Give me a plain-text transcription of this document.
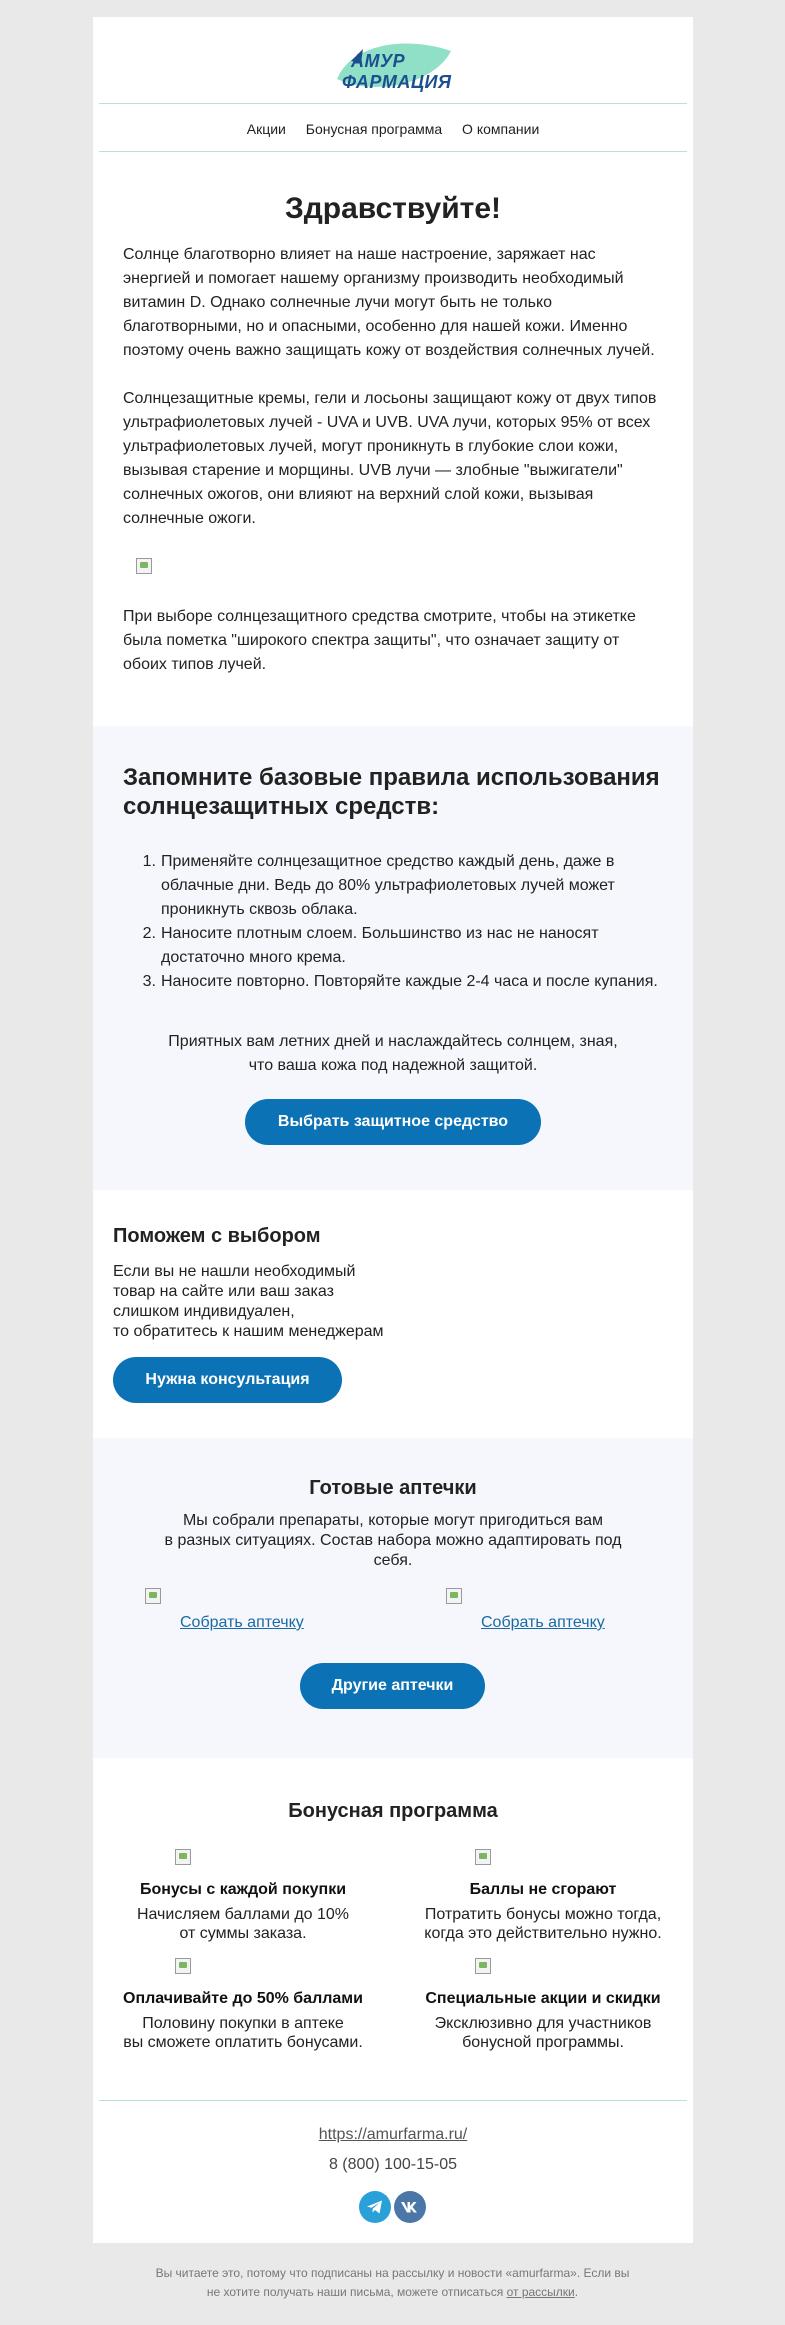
АМУР
ФАРМАЦИЯ
Акции Бонусная программа О компании
Здравствуйте!
Солнце благотворно влияет на наше настроение, заряжает нас
энергией и помогает нашему организму производить необходимый
витамин D. Однако солнечные лучи могут быть не только
благотворными, но и опасными, особенно для нашей кожи. Именно
поэтому очень важно защищать кожу от воздействия солнечных лучей.
Солнцезащитные кремы, гели и лосьоны защищают кожу от двух типов
ультрафиолетовых лучей - UVA и UVB. UVA лучи, которых 95% от всех
ультрафиолетовых лучей, могут проникнуть в глубокие слои кожи,
вызывая старение и морщины. UVB лучи — злобные "выжигатели"
солнечных ожогов, они влияют на верхний слой кожи, вызывая
солнечные ожоги.
При выборе солнцезащитного средства смотрите, чтобы на этикетке
была пометка "широкого спектра защиты", что означает защиту от
обоих типов лучей.
Запомните базовые правила использования
солнцезащитных средств:
1. Применяйте солнцезащитное средство каждый день, даже в
облачные дни. Ведь до 80% ультрафиолетовых лучей может
проникнуть сквозь облака.
2. Наносите плотным слоем. Большинство из нас не наносят
достаточно много крема.
3. Наносите повторно. Повторяйте каждые 2-4 часа и после купания.
Приятных вам летних дней и наслаждайтесь солнцем, зная,
что ваша кожа под надежной защитой.
Выбрать защитное средство
Поможем с выбором
Если вы не нашли необходимый
товар на сайте или ваш заказ
слишком индивидуален,
то обратитесь к нашим менеджерам
Нужна консультация
Готовые аптечки
Мы собрали препараты, которые могут пригодиться вам
в разных ситуациях. Состав набора можно адаптировать под
себя.
Собрать аптечку	Собрать аптечку
Другие аптечки
Бонусная программа
Бонусы с каждой покупки
Начисляем баллами до 10%
от суммы заказа.
Баллы не сгорают
Потратить бонусы можно тогда,
когда это действительно нужно.
Оплачивайте до 50% баллами
Половину покупки в аптеке
вы сможете оплатить бонусами.
Специальные акции и скидки
Эксклюзивно для участников
бонусной программы.
https://amurfarma.ru/
8 (800) 100-15-05
Вы читаете это, потому что подписаны на рассылку и новости «amurfarma». Если вы
не хотите получать наши письма, можете отписаться от рассылки.
